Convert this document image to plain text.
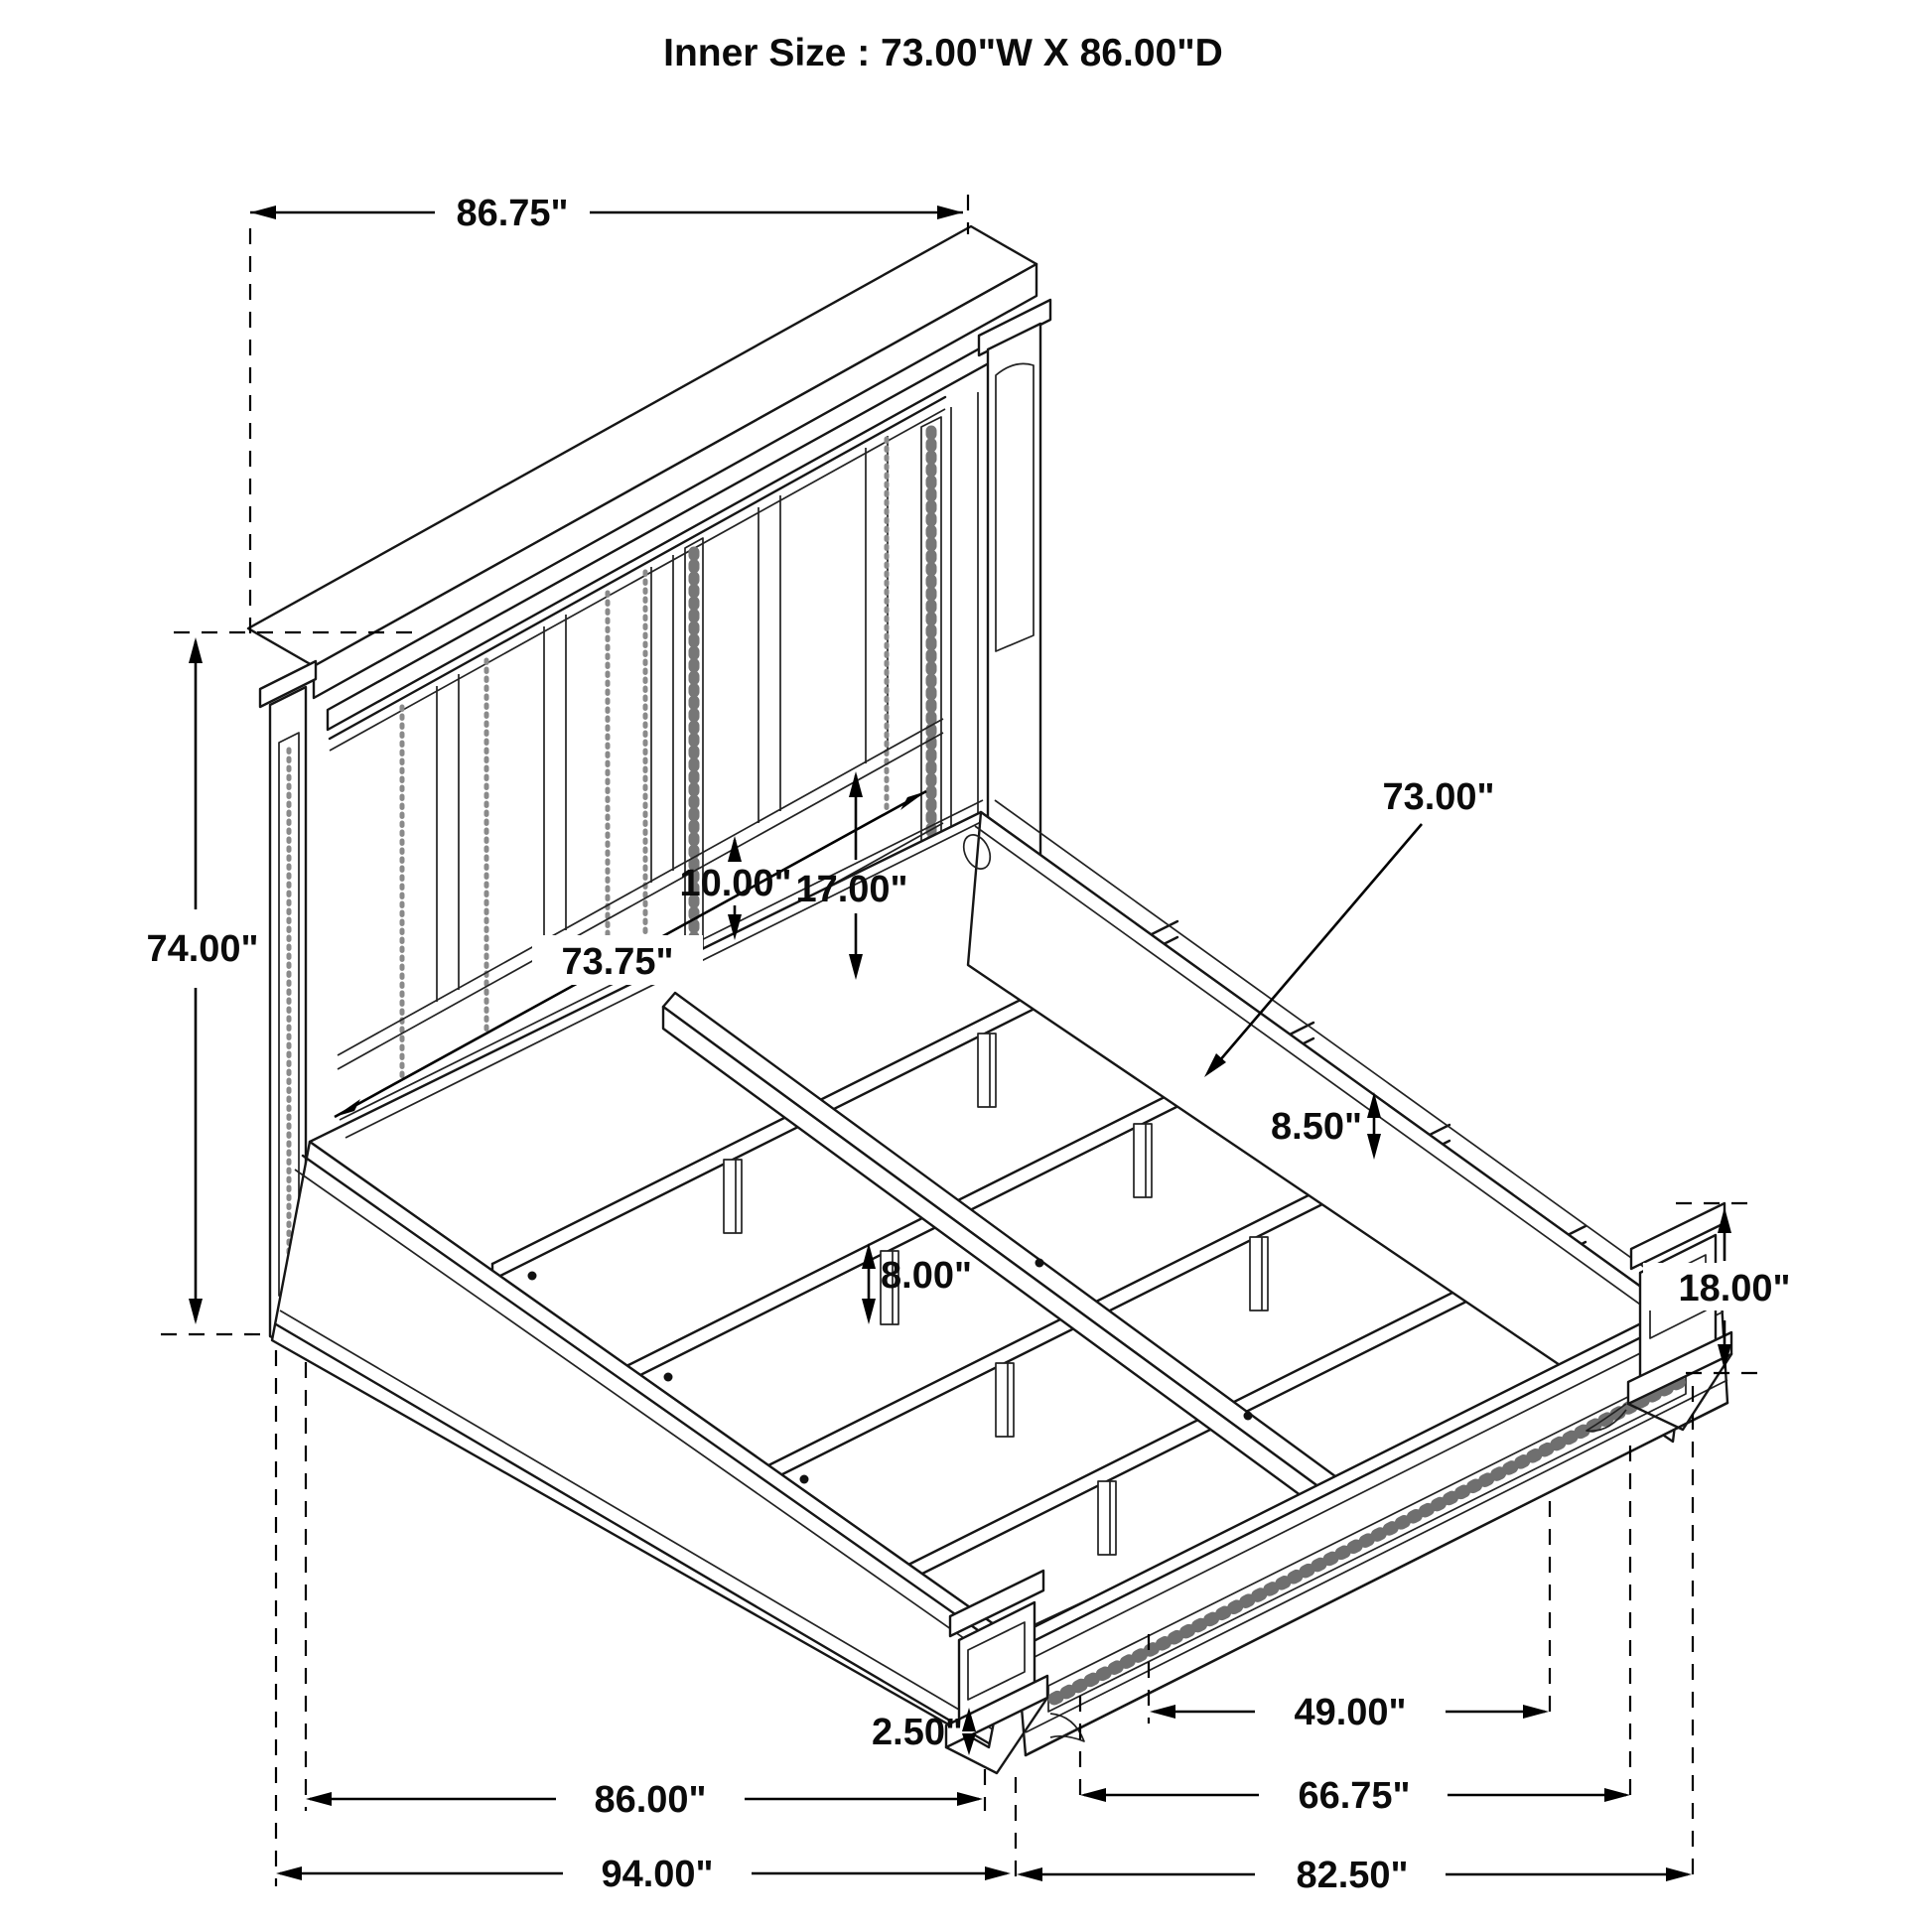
86.75"
74.00"	73.75"
10.00" 17.00"
73.00"
8.50"
8.00"	18.00"
2.50"
86.00"
94.00"
49.00"
66.75"
82.50"
Inner Size : 73.00"W X 86.00"D
